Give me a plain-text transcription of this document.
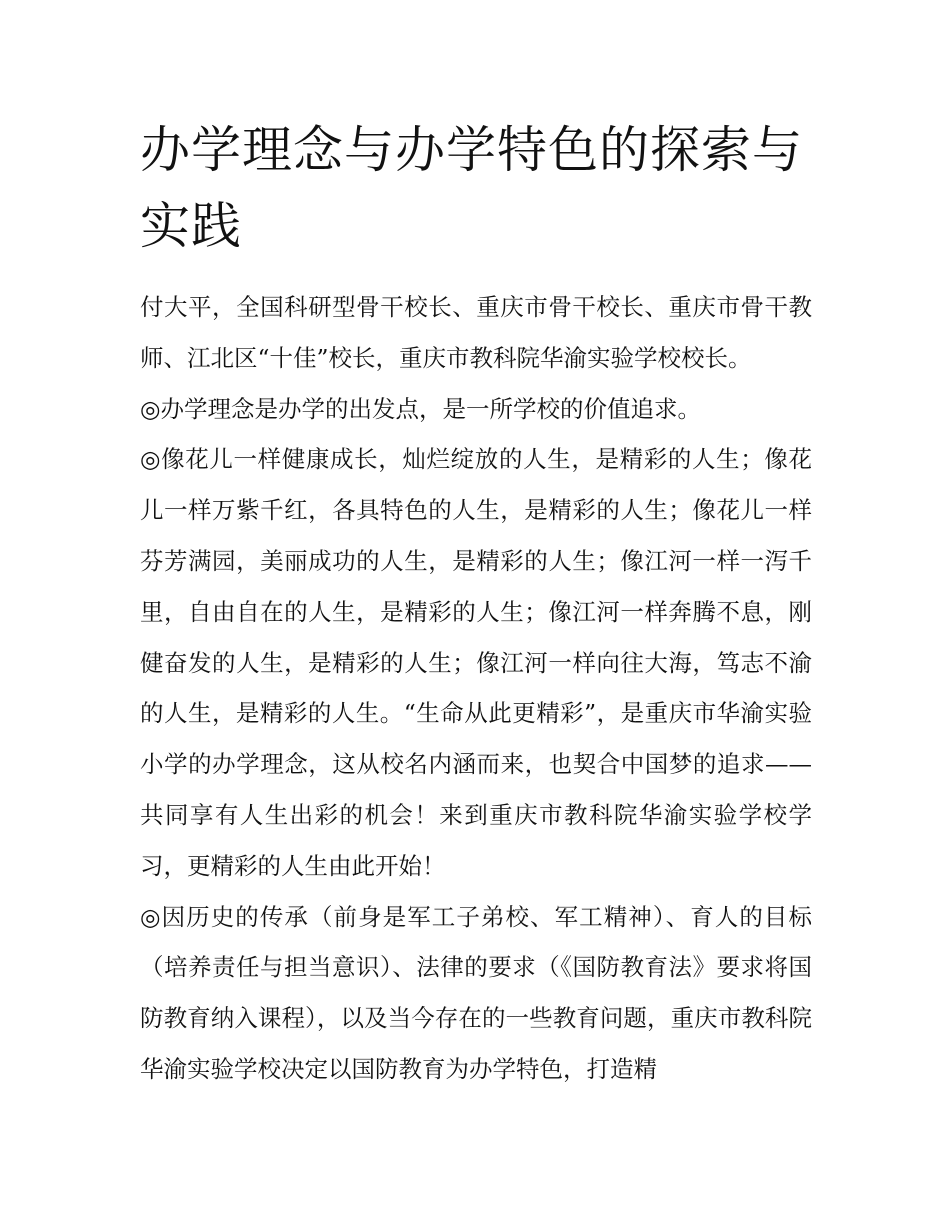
办学理念与办学特色的探索与实践

付大平，全国科研型骨干校长、重庆市骨干校长、重庆市骨干教师、江北区“十佳”校长，重庆市教科院华渝实验学校校长。

◎办学理念是办学的出发点，是一所学校的价值追求。

◎像花儿一样健康成长，灿烂绽放的人生，是精彩的人生；像花儿一样万紫千红，各具特色的人生，是精彩的人生；像花儿一样芬芳满园，美丽成功的人生，是精彩的人生；像江河一样一泻千里，自由自在的人生，是精彩的人生；像江河一样奔腾不息，刚健奋发的人生，是精彩的人生；像江河一样向往大海，笃志不渝的人生，是精彩的人生。“生命从此更精彩”，是重庆市华渝实验小学的办学理念，这从校名内涵而来，也契合中国梦的追求——共同享有人生出彩的机会！来到重庆市教科院华渝实验学校学习，更精彩的人生由此开始！

◎因历史的传承（前身是军工子弟校、军工精神）、育人的目标（培养责任与担当意识）、法律的要求（《国防教育法》要求将国防教育纳入课程），以及当今存在的一些教育问题，重庆市教科院华渝实验学校决定以国防教育为办学特色，打造精
